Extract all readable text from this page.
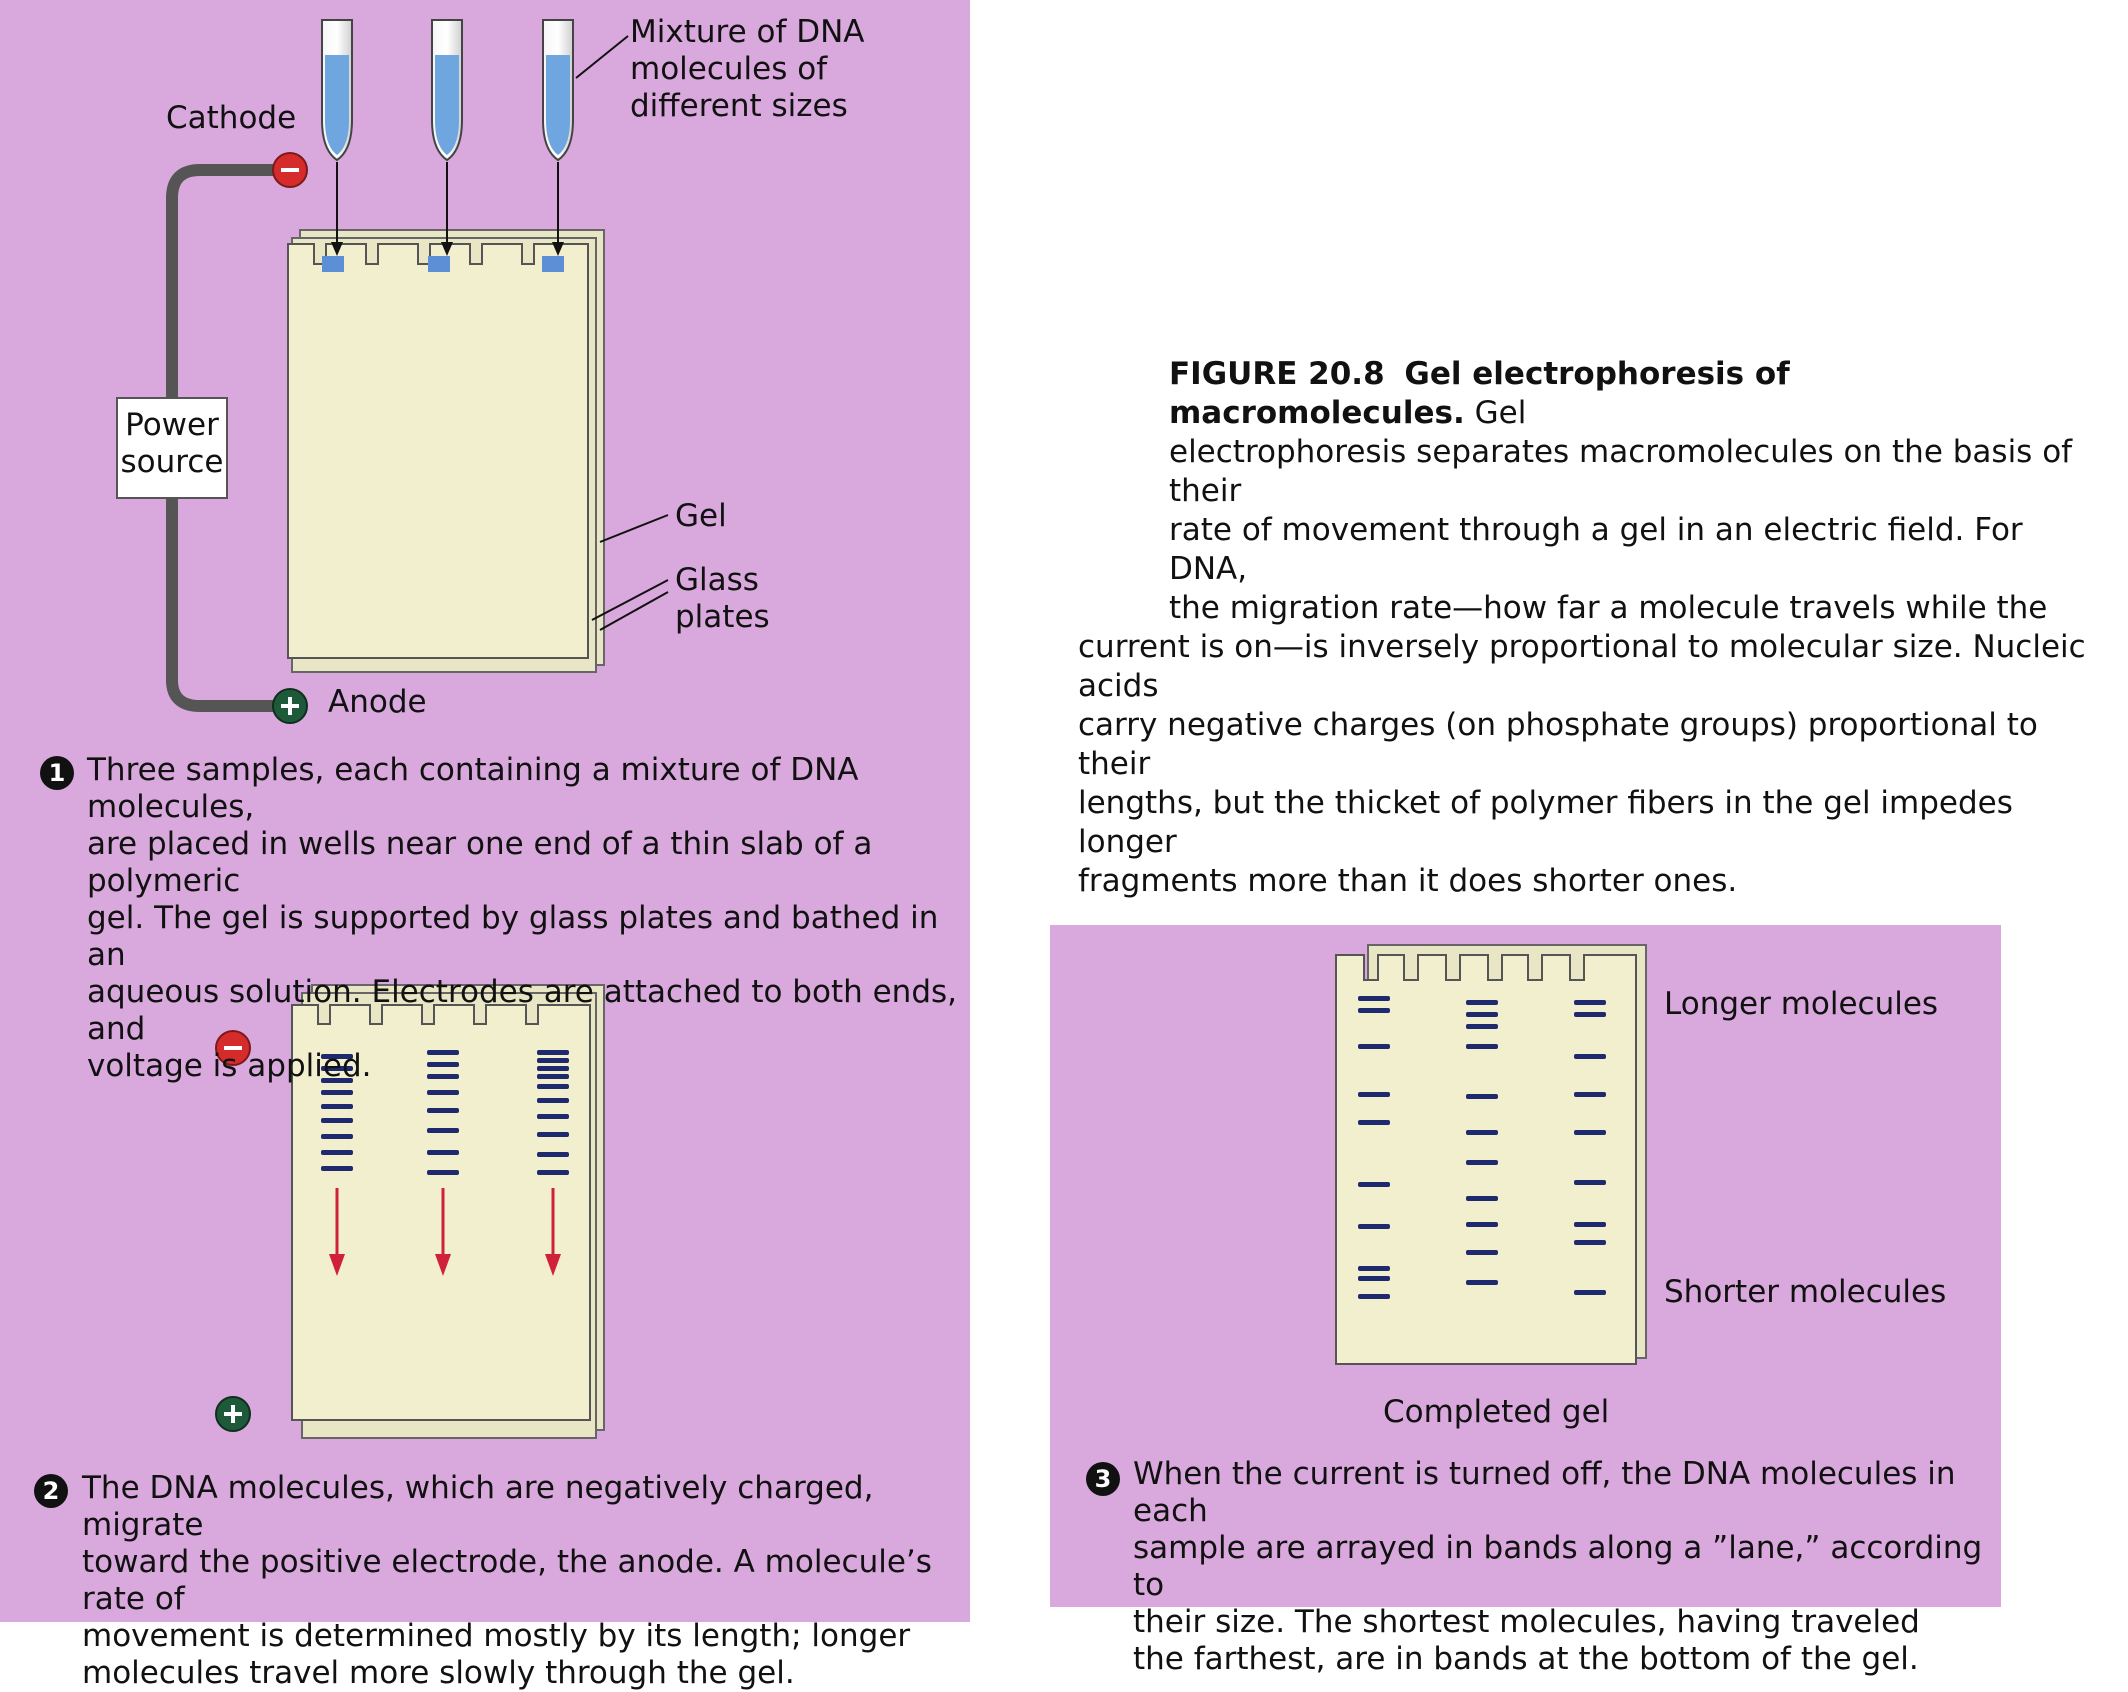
Mixture of DNA
molecules of
different sizes
Cathode
Power
source
Gel
Glass
plates
Anode
1 Three samples, each containing a mixture of DNA molecules,
are placed in wells near one end of a thin slab of a polymeric
gel. The gel is supported by glass plates and bathed in an
aqueous solution. Electrodes are attached to both ends, and
voltage is applied.
2 The DNA molecules, which are negatively charged, migrate
toward the positive electrode, the anode. A molecule’s rate of
movement is determined mostly by its length; longer
molecules travel more slowly through the gel.

FIGURE 20.8 Gel electrophoresis of macromolecules. Gel

electrophoresis separates macromolecules on the basis of their

rate of movement through a gel in an electric field. For DNA,

the migration rate—how far a molecule travels while the

current is on—is inversely proportional to molecular size. Nucleic acids

carry negative charges (on phosphate groups) proportional to their

lengths, but the thicket of polymer fibers in the gel impedes longer

fragments more than it does shorter ones.

Longer molecules
Shorter molecules
Completed gel
3 When the current is turned off, the DNA molecules in each
sample are arrayed in bands along a ”lane,” according to
their size. The shortest molecules, having traveled
the farthest, are in bands at the bottom of the gel.
